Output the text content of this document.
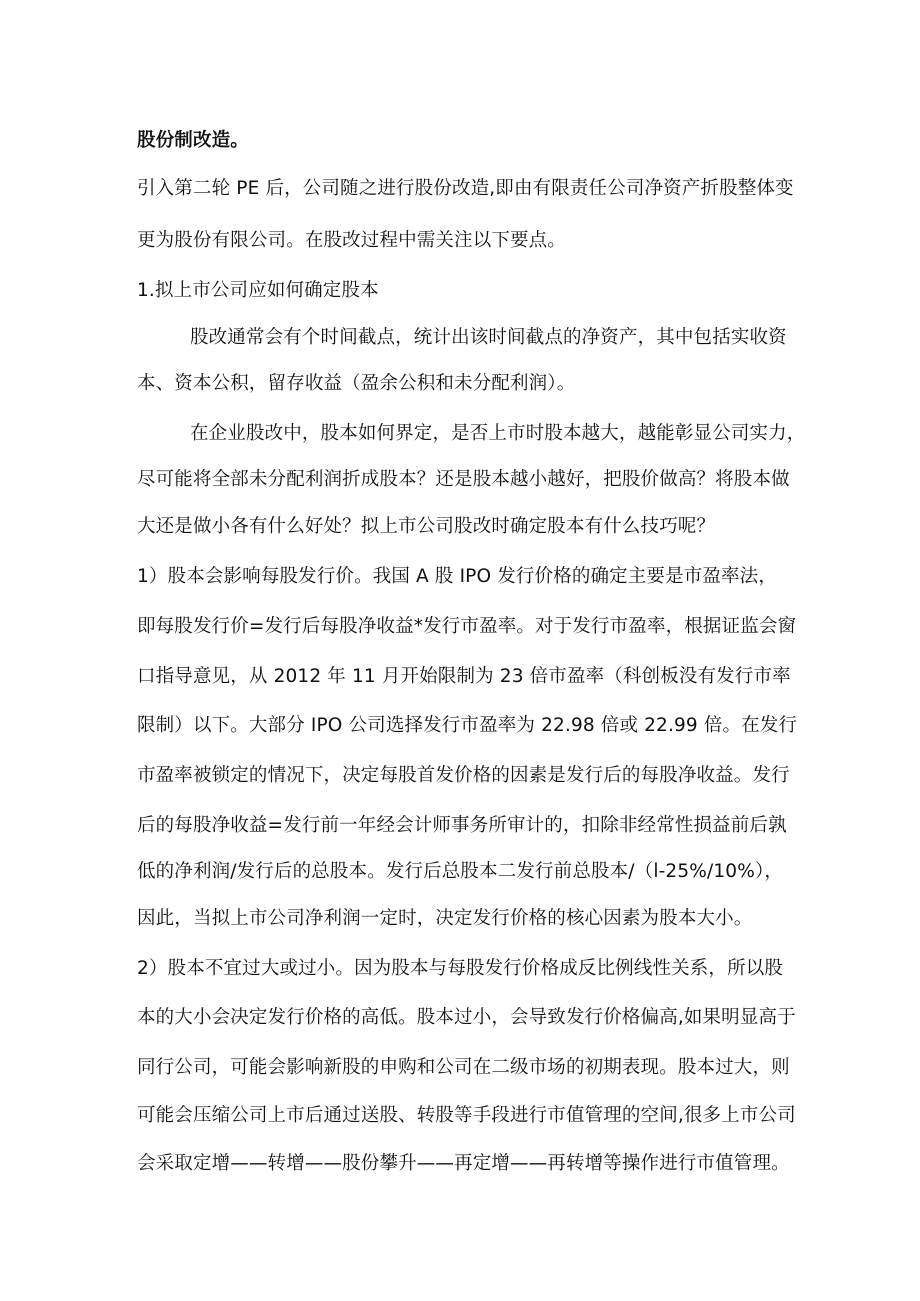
股份制改造。
引入第二轮 PE 后，公司随之进行股份改造,即由有限责任公司净资产折股整体变
更为股份有限公司。在股改过程中需关注以下要点。
1.拟上市公司应如何确定股本
股改通常会有个时间截点，统计出该时间截点的净资产，其中包括实收资
本、资本公积，留存收益（盈余公积和未分配利润）。
在企业股改中，股本如何界定，是否上市时股本越大，越能彰显公司实力，
尽可能将全部未分配利润折成股本？还是股本越小越好，把股价做高？将股本做
大还是做小各有什么好处？拟上市公司股改时确定股本有什么技巧呢？
1）股本会影响每股发行价。我国 A 股 IPO 发行价格的确定主要是市盈率法，
即每股发行价=发行后每股净收益*发行市盈率。对于发行市盈率，根据证监会窗
口指导意见，从 2012 年 11 月开始限制为 23 倍市盈率（科创板没有发行市率
限制）以下。大部分 IPO 公司选择发行市盈率为 22.98 倍或 22.99 倍。在发行
市盈率被锁定的情况下，决定每股首发价格的因素是发行后的每股净收益。发行
后的每股净收益=发行前一年经会计师事务所审计的，扣除非经常性损益前后孰
低的净利润/发行后的总股本。发行后总股本二发行前总股本/（l-25%∕10%），
因此，当拟上市公司净利润一定时，决定发行价格的核心因素为股本大小。
2）股本不宜过大或过小。因为股本与每股发行价格成反比例线性关系，所以股
本的大小会决定发行价格的高低。股本过小，会导致发行价格偏高,如果明显高于
同行公司，可能会影响新股的申购和公司在二级市场的初期表现。股本过大，则
可能会压缩公司上市后通过送股、转股等手段进行市值管理的空间,很多上市公司
会采取定增——转增——股份攀升——再定增——再转增等操作进行市值管理。
